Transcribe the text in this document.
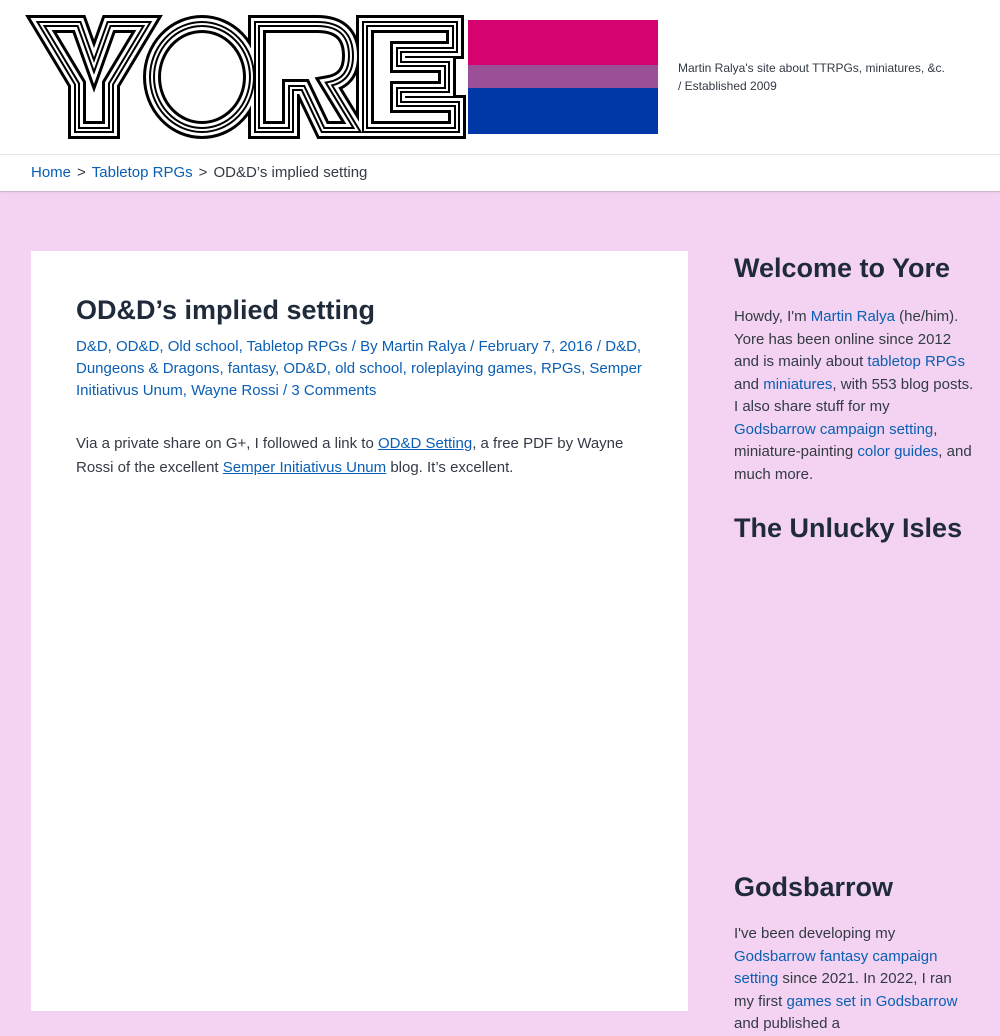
Martin Ralya's site about TTRPGs, miniatures, &c. / Established 2009
Home > Tabletop RPGs > OD&D’s implied setting
OD&D’s implied setting
D&D, OD&D, Old school, Tabletop RPGs / By Martin Ralya / February 7, 2016 / D&D, Dungeons & Dragons, fantasy, OD&D, old school, roleplaying games, RPGs, Semper Initiativus Unum, Wayne Rossi / 3 Comments

Via a private share on G+, I followed a link to OD&D Setting, a free PDF by Wayne Rossi of the excellent Semper Initiativus Unum blog. It’s excellent.

Welcome to Yore

Howdy, I'm Martin Ralya (he/him). Yore has been online since 2012 and is mainly about tabletop RPGs and miniatures, with 553 blog posts. I also share stuff for my Godsbarrow campaign setting, miniature-painting color guides, and much more.

The Unlucky Isles
Godsbarrow

I've been developing my Godsbarrow fantasy campaign setting since 2021. In 2022, I ran my first games set in Godsbarrow and published a
